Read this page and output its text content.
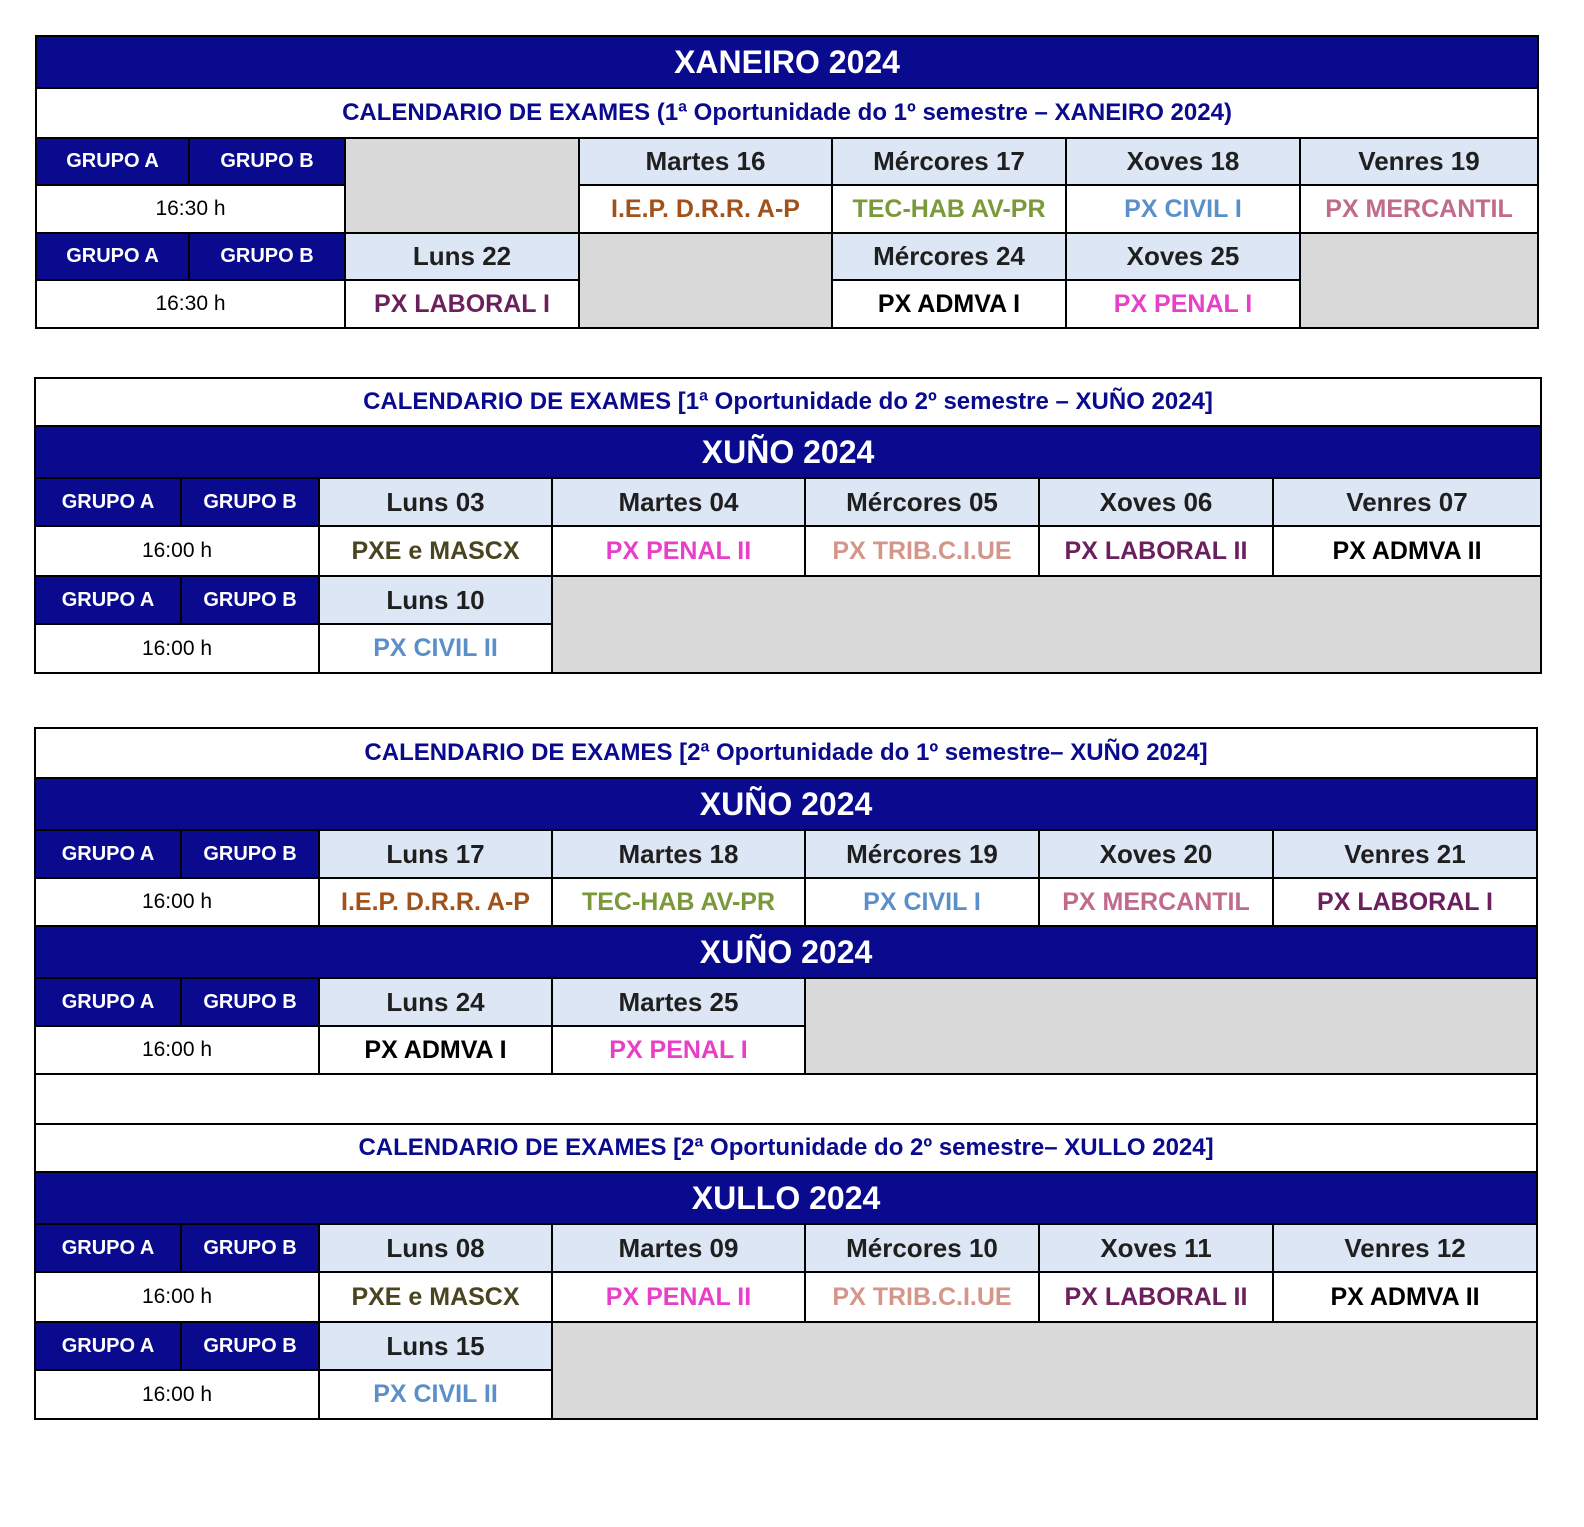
XANEIRO 2024						
CALENDARIO DE EXAMES (1ª Oportunidade do 1º semestre – XANEIRO 2024)						
GRUPO A	GRUPO B		Martes 16	Mércores 17	Xoves 18	Venres 19
16:30 h			I.E.P. D.R.R. A-P	TEC-HAB AV-PR	PX CIVIL I	PX MERCANTIL
GRUPO A	GRUPO B	Luns 22		Mércores 24	Xoves 25	
16:30 h		PX LABORAL I		PX ADMVA I	PX PENAL I	
CALENDARIO DE EXAMES [1ª Oportunidade do 2º semestre – XUÑO 2024]						
XUÑO 2024						
GRUPO A	GRUPO B	Luns 03	Martes 04	Mércores 05	Xoves 06	Venres 07
16:00 h		PXE e MASCX	PX PENAL II	PX TRIB.C.I.UE	PX LABORAL II	PX ADMVA II
GRUPO A	GRUPO B	Luns 10				
16:00 h		PX CIVIL II				
CALENDARIO DE EXAMES [2ª Oportunidade do 1º semestre– XUÑO 2024]						
XUÑO 2024						
GRUPO A	GRUPO B	Luns 17	Martes 18	Mércores 19	Xoves 20	Venres 21
16:00 h		I.E.P. D.R.R. A-P	TEC-HAB AV-PR	PX CIVIL I	PX MERCANTIL	PX LABORAL I
XUÑO 2024						
GRUPO A	GRUPO B	Luns 24	Martes 25			
16:00 h		PX ADMVA I	PX PENAL I			

CALENDARIO DE EXAMES [2ª Oportunidade do 2º semestre– XULLO 2024]						
XULLO 2024						
GRUPO A	GRUPO B	Luns 08	Martes 09	Mércores 10	Xoves 11	Venres 12
16:00 h		PXE e MASCX	PX PENAL II	PX TRIB.C.I.UE	PX LABORAL II	PX ADMVA II
GRUPO A	GRUPO B	Luns 15				
16:00 h		PX CIVIL II				
